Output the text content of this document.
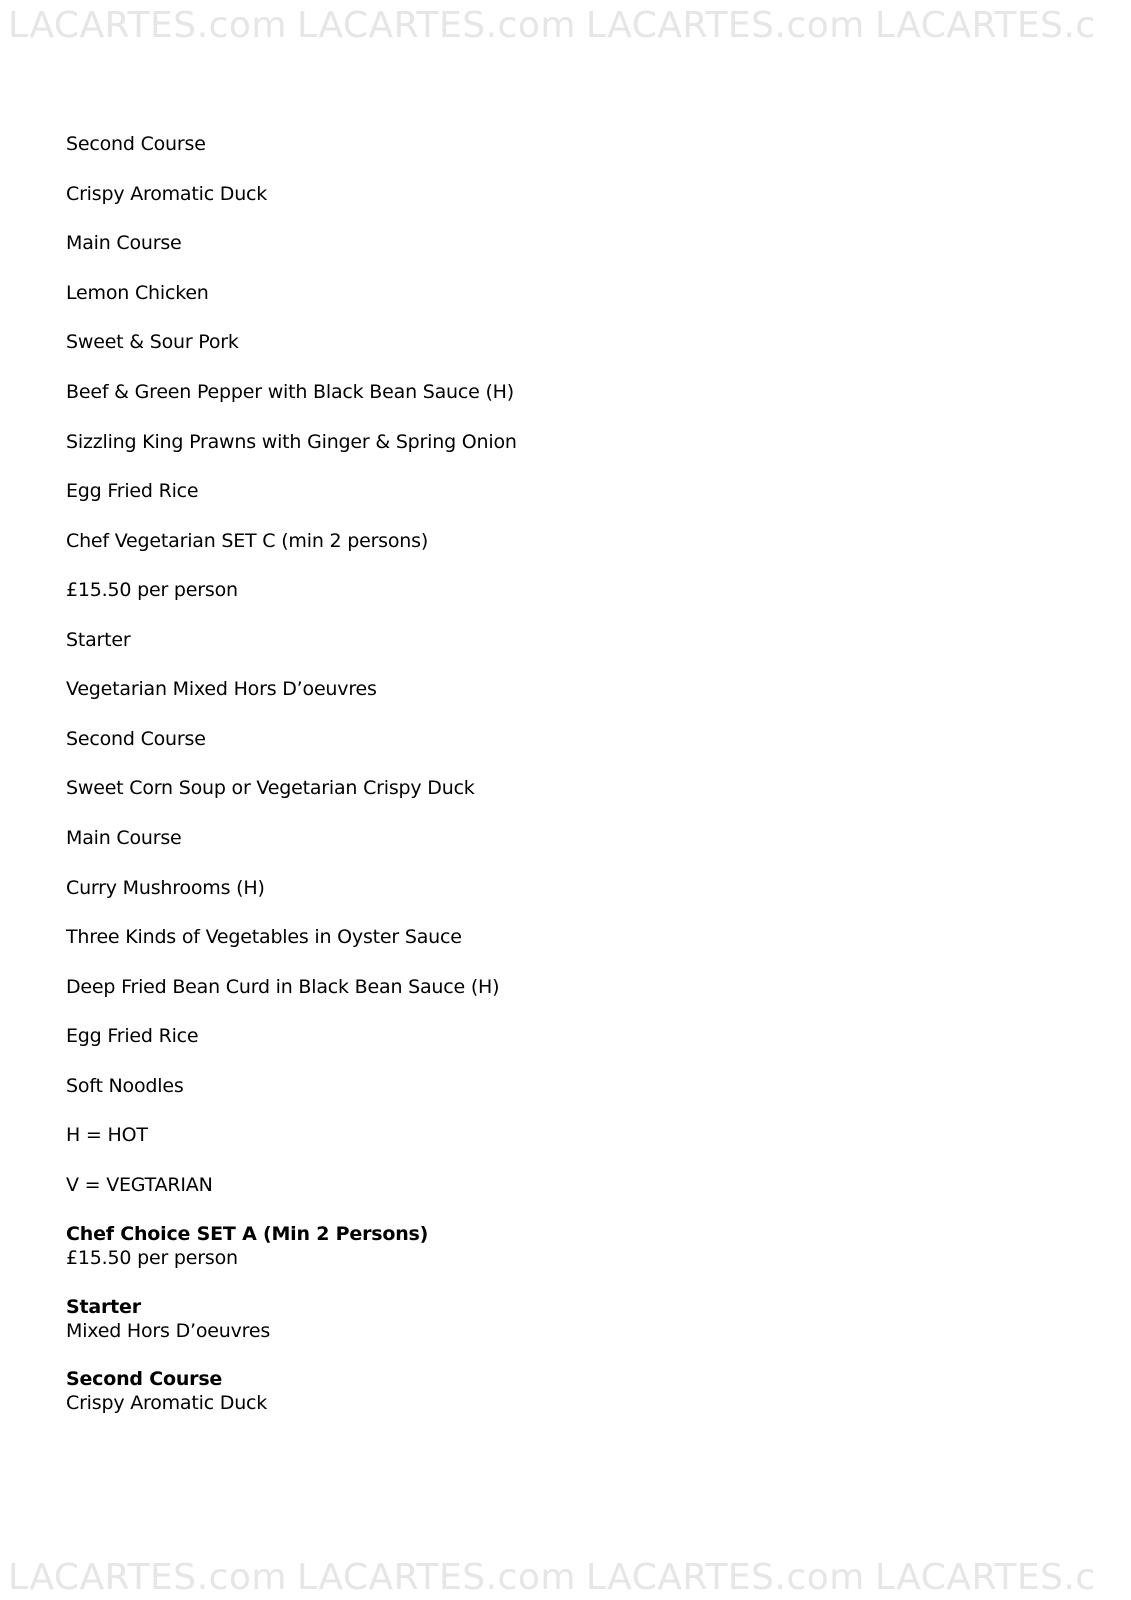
LACARTES.com LACARTES.com LACARTES.com LACARTES.c
Second Course
Crispy Aromatic Duck
Main Course
Lemon Chicken
Sweet & Sour Pork
Beef & Green Pepper with Black Bean Sauce (H)
Sizzling King Prawns with Ginger & Spring Onion
Egg Fried Rice
Chef Vegetarian SET C (min 2 persons)
£15.50 per person
Starter
Vegetarian Mixed Hors D’oeuvres
Second Course
Sweet Corn Soup or Vegetarian Crispy Duck
Main Course
Curry Mushrooms (H)
Three Kinds of Vegetables in Oyster Sauce
Deep Fried Bean Curd in Black Bean Sauce (H)
Egg Fried Rice
Soft Noodles
H = HOT
V = VEGTARIAN
Chef Choice SET A (Min 2 Persons)
£15.50 per person
Starter
Mixed Hors D’oeuvres
Second Course
Crispy Aromatic Duck
LACARTES.com LACARTES.com LACARTES.com LACARTES.c
